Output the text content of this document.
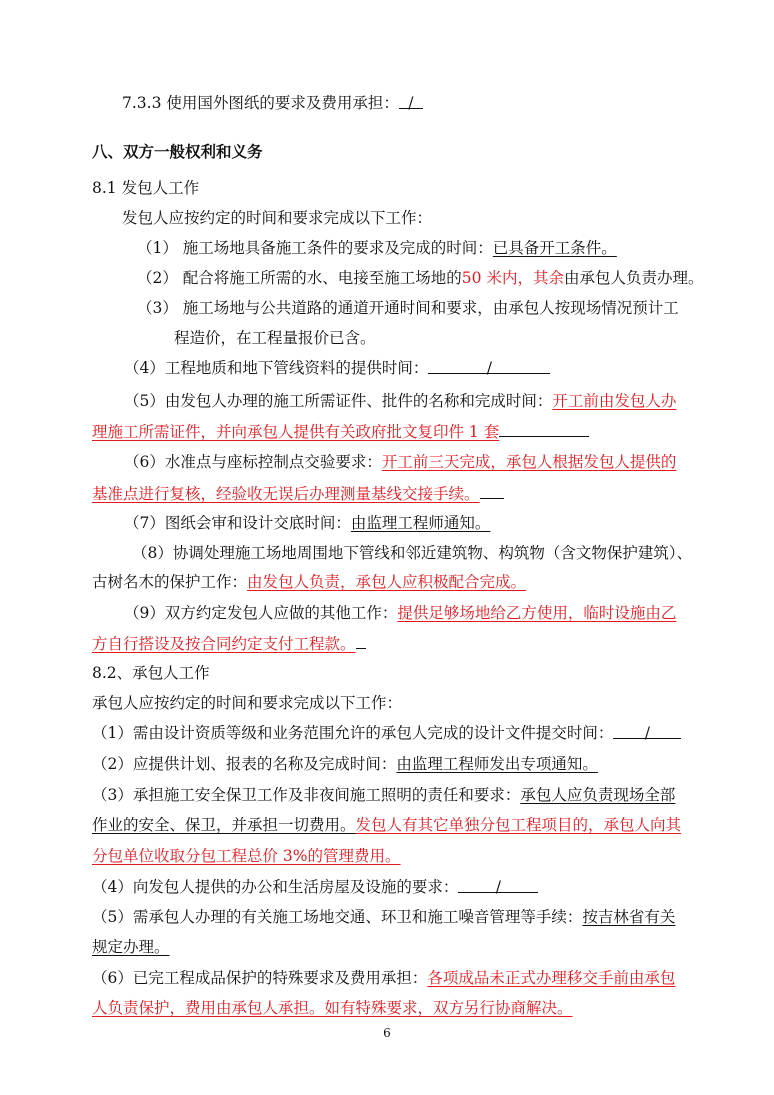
7.3.3 使用国外图纸的要求及费用承担：/
八、双方一般权利和义务
8.1 发包人工作
发包人应按约定的时间和要求完成以下工作：
（1） 施工场地具备施工条件的要求及完成的时间：已具备开工条件。
（2） 配合将施工所需的水、电接至施工场地的50 米内，其余由承包人负责办理。
（3） 施工场地与公共道路的通道开通时间和要求，由承包人按现场情况预计工
程造价，在工程量报价已含。
（4）工程地质和地下管线资料的提供时间：	/
（5）由发包人办理的施工所需证件、批件的名称和完成时间：开工前由发包人办
理施工所需证件，并向承包人提供有关政府批文复印件 1 套
（6）水准点与座标控制点交验要求：开工前三天完成，承包人根据发包人提供的
基准点进行复核，经验收无误后办理测量基线交接手续。
（7）图纸会审和设计交底时间：由监理工程师通知。
（8）协调处理施工场地周围地下管线和邻近建筑物、构筑物（含文物保护建筑）、
古树名木的保护工作：由发包人负责，承包人应积极配合完成。
（9）双方约定发包人应做的其他工作：提供足够场地给乙方使用，临时设施由乙
方自行搭设及按合同约定支付工程款。
8.2、承包人工作
承包人应按约定的时间和要求完成以下工作：
（1）需由设计资质等级和业务范围允许的承包人完成的设计文件提交时间：/
（2）应提供计划、报表的名称及完成时间：由监理工程师发出专项通知。
（3）承担施工安全保卫工作及非夜间施工照明的责任和要求：承包人应负责现场全部
作业的安全、保卫，并承担一切费用。发包人有其它单独分包工程项目的，承包人向其
分包单位收取分包工程总价 3%的管理费用。
（4）向发包人提供的办公和生活房屋及设施的要求： /
（5）需承包人办理的有关施工场地交通、环卫和施工噪音管理等手续：按吉林省有关
规定办理。
（6）已完工程成品保护的特殊要求及费用承担：各项成品未正式办理移交手前由承包
人负责保护，费用由承包人承担。如有特殊要求，双方另行协商解决。
6
